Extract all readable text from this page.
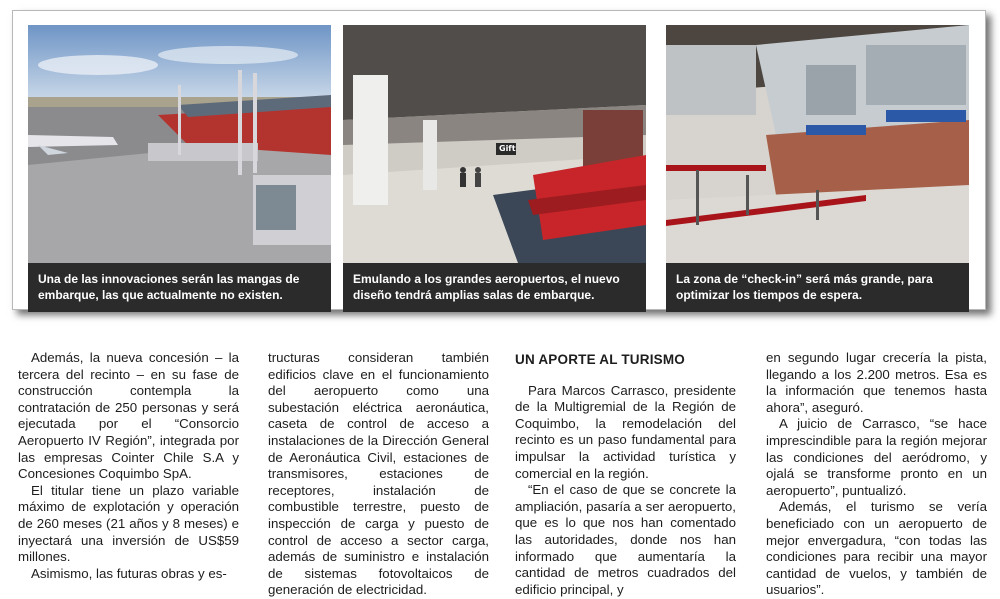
Una de las innovaciones serán las mangas de embarque, las que actualmente no existen.
Gift
Emulando a los grandes aeropuertos, el nuevo diseño tendrá amplias salas de embarque.
La zona de “check-in” será más grande, para optimizar los tiempos de espera.

Además, la nueva concesión – la tercera del recinto – en su fase de construcción contempla la contratación de 250 personas y será ejecutada por el “Consorcio Aeropuerto IV Región”, integrada por las empresas Cointer Chile S.A y Concesiones Coquimbo SpA.

El titular tiene un plazo variable máximo de explotación y operación de 260 meses (21 años y 8 meses) e inyectará una inversión de US$59 millones.

Asimismo, las futuras obras y es-

tructuras consideran también edificios clave en el funcionamiento del aeropuerto como una subestación eléctrica aeronáutica, caseta de control de acceso a instalaciones de la Dirección General de Aeronáutica Civil, estaciones de transmisores, estaciones de receptores, instalación de combustible terrestre, puesto de inspección de carga y puesto de control de acceso a sector carga, además de suministro e instalación de sistemas fotovoltaicos de generación de electricidad.

UN APORTE AL TURISMO

Para Marcos Carrasco, presidente de la Multigremial de la Región de Coquimbo, la remodelación del recinto es un paso fundamental para impulsar la actividad turística y comercial en la región.

“En el caso de que se concrete la ampliación, pasaría a ser aeropuerto, que es lo que nos han comentado las autoridades, donde nos han informado que aumentaría la cantidad de metros cuadrados del edificio principal, y

en segundo lugar crecería la pista, llegando a los 2.200 metros. Esa es la información que tenemos hasta ahora”, aseguró.

A juicio de Carrasco, “se hace imprescindible para la región mejorar las condiciones del aeródromo, y ojalá se transforme pronto en un aeropuerto”, puntualizó.

Además, el turismo se vería beneficiado con un aeropuerto de mejor envergadura, “con todas las condiciones para recibir una mayor cantidad de vuelos, y también de usuarios”.
